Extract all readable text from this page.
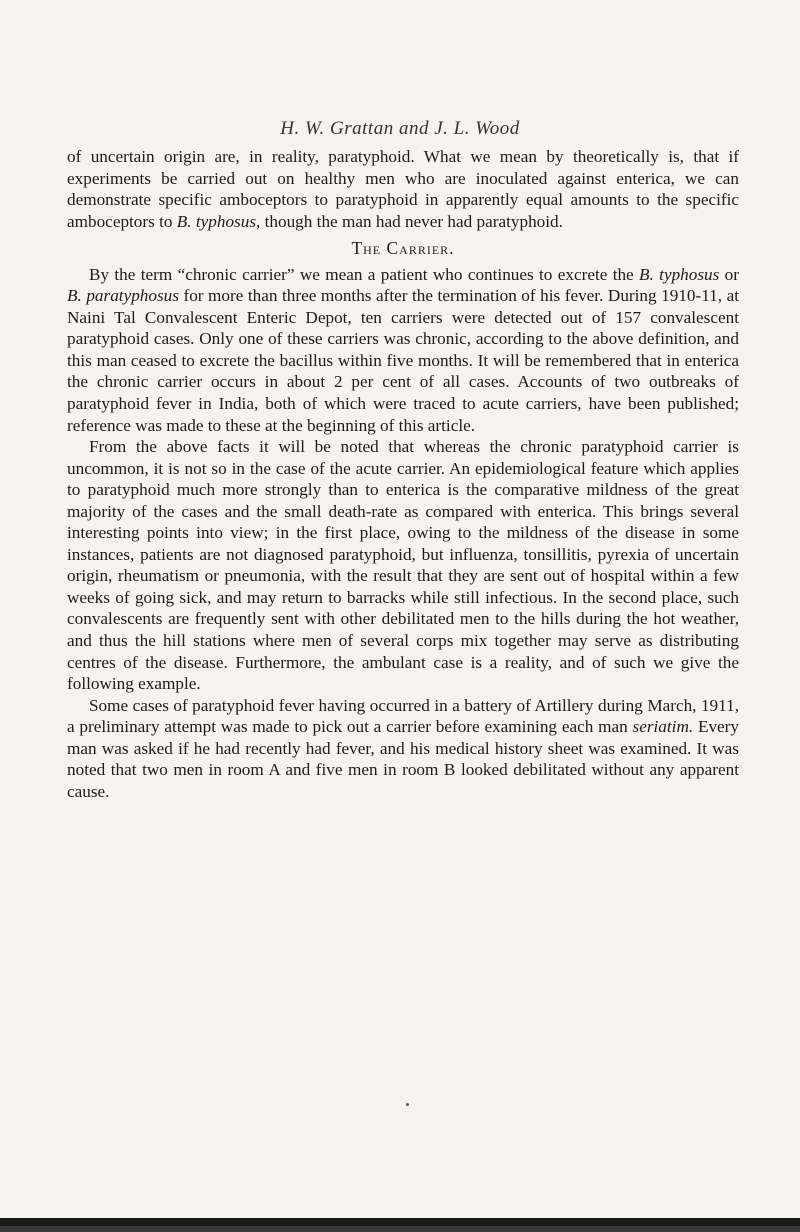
H. W. Grattan and J. L. Wood

of uncertain origin are, in reality, paratyphoid. What we mean by theoretically is, that if experiments be carried out on healthy men who are inoculated against enterica, we can demonstrate specific amboceptors to paratyphoid in apparently equal amounts to the specific amboceptors to B. typhosus, though the man had never had paratyphoid.

The Carrier.

By the term “chronic carrier” we mean a patient who continues to excrete the B. typhosus or B. paratyphosus for more than three months after the termination of his fever. During 1910-11, at Naini Tal Convalescent Enteric Depot, ten carriers were detected out of 157 convalescent paratyphoid cases. Only one of these carriers was chronic, according to the above definition, and this man ceased to excrete the bacillus within five months. It will be remembered that in enterica the chronic carrier occurs in about 2 per cent of all cases. Accounts of two outbreaks of paratyphoid fever in India, both of which were traced to acute carriers, have been published; reference was made to these at the beginning of this article.

From the above facts it will be noted that whereas the chronic paratyphoid carrier is uncommon, it is not so in the case of the acute carrier. An epidemiological feature which applies to paratyphoid much more strongly than to enterica is the comparative mildness of the great majority of the cases and the small death-rate as compared with enterica. This brings several interesting points into view; in the first place, owing to the mildness of the disease in some instances, patients are not diagnosed paratyphoid, but influenza, tonsillitis, pyrexia of uncertain origin, rheumatism or pneumonia, with the result that they are sent out of hospital within a few weeks of going sick, and may return to barracks while still infectious. In the second place, such convalescents are frequently sent with other debilitated men to the hills during the hot weather, and thus the hill stations where men of several corps mix together may serve as distributing centres of the disease. Furthermore, the ambulant case is a reality, and of such we give the following example.

Some cases of paratyphoid fever having occurred in a battery of Artillery during March, 1911, a preliminary attempt was made to pick out a carrier before examining each man seriatim. Every man was asked if he had recently had fever, and his medical history sheet was examined. It was noted that two men in room A and five men in room B looked debilitated without any apparent cause.
